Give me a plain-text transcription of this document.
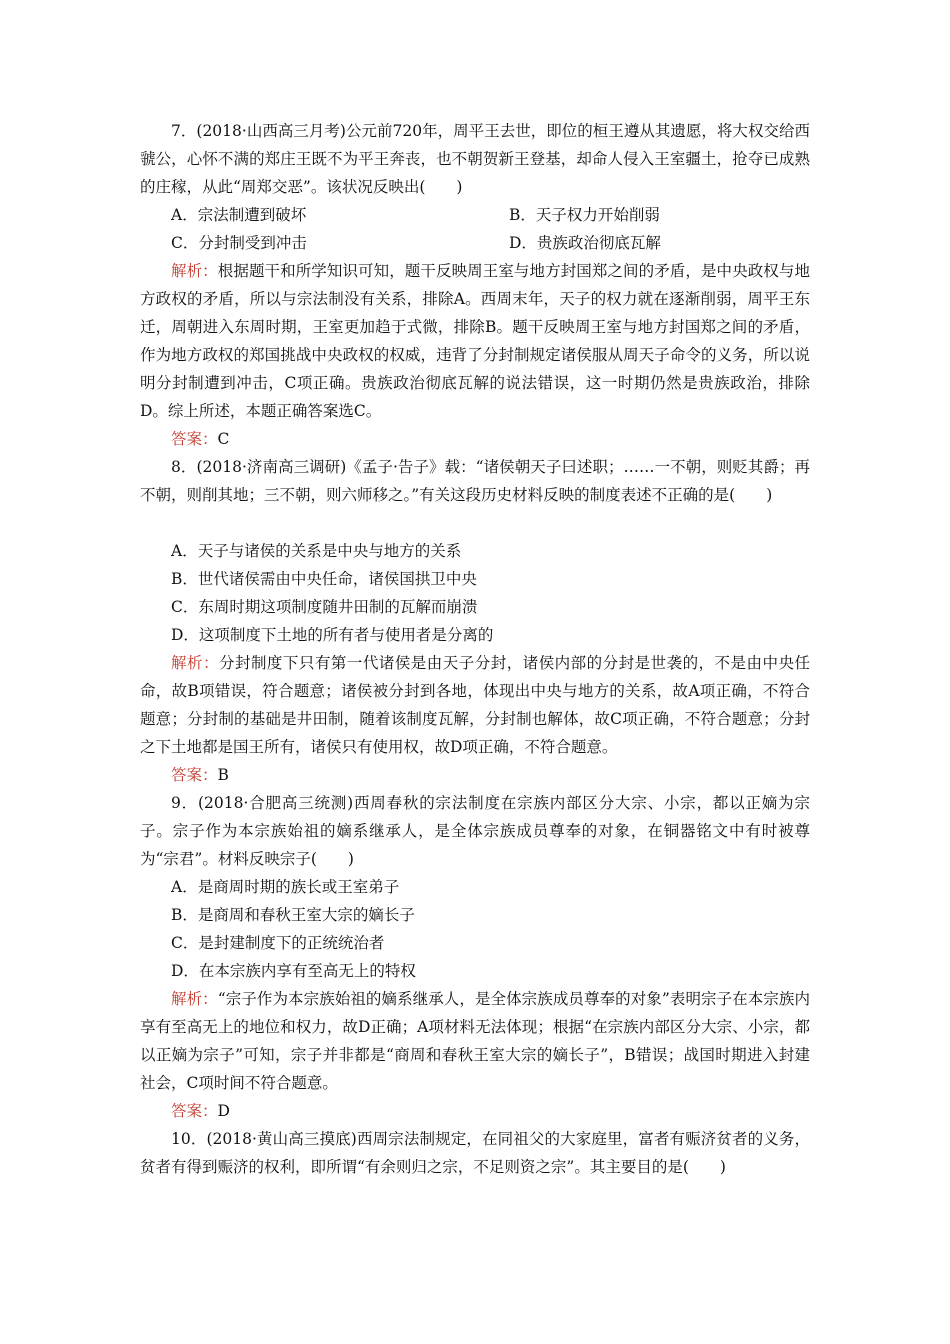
7．(2018·山西高三月考)公元前720年，周平王去世，即位的桓王遵从其遗愿，将大权交给西虢公，心怀不满的郑庄王既不为平王奔丧，也不朝贺新王登基，却命人侵入王室疆土，抢夺已成熟的庄稼，从此“周郑交恶”。该状况反映出(　　)

A．宗法制遭到破坏	B．天子权力开始削弱

C．分封制受到冲击	D．贵族政治彻底瓦解

解析：根据题干和所学知识可知，题干反映周王室与地方封国郑之间的矛盾，是中央政权与地方政权的矛盾，所以与宗法制没有关系，排除A。西周末年，天子的权力就在逐渐削弱，周平王东迁，周朝进入东周时期，王室更加趋于式微，排除B。题干反映周王室与地方封国郑之间的矛盾，作为地方政权的郑国挑战中央政权的权威，违背了分封制规定诸侯服从周天子命令的义务，所以说明分封制遭到冲击，C项正确。贵族政治彻底瓦解的说法错误，这一时期仍然是贵族政治，排除D。综上所述，本题正确答案选C。

答案：C

8．(2018·济南高三调研)《孟子·告子》载：“诸侯朝天子曰述职；……一不朝，则贬其爵；再不朝，则削其地；三不朝，则六师移之。”有关这段历史材料反映的制度表述不正确的是(　　)

A．天子与诸侯的关系是中央与地方的关系

B．世代诸侯需由中央任命，诸侯国拱卫中央

C．东周时期这项制度随井田制的瓦解而崩溃

D．这项制度下土地的所有者与使用者是分离的

解析：分封制度下只有第一代诸侯是由天子分封，诸侯内部的分封是世袭的，不是由中央任命，故B项错误，符合题意；诸侯被分封到各地，体现出中央与地方的关系，故A项正确，不符合题意；分封制的基础是井田制，随着该制度瓦解，分封制也解体，故C项正确，不符合题意；分封之下土地都是国王所有，诸侯只有使用权，故D项正确，不符合题意。

答案：B

9．(2018·合肥高三统测)西周春秋的宗法制度在宗族内部区分大宗、小宗，都以正嫡为宗子。宗子作为本宗族始祖的嫡系继承人，是全体宗族成员尊奉的对象，在铜器铭文中有时被尊为“宗君”。材料反映宗子(　　)

A．是商周时期的族长或王室弟子

B．是商周和春秋王室大宗的嫡长子

C．是封建制度下的正统统治者

D．在本宗族内享有至高无上的特权

解析：“宗子作为本宗族始祖的嫡系继承人，是全体宗族成员尊奉的对象”表明宗子在本宗族内享有至高无上的地位和权力，故D正确；A项材料无法体现；根据“在宗族内部区分大宗、小宗，都以正嫡为宗子”可知，宗子并非都是“商周和春秋王室大宗的嫡长子”，B错误；战国时期进入封建社会，C项时间不符合题意。

答案：D

10．(2018·黄山高三摸底)西周宗法制规定，在同祖父的大家庭里，富者有赈济贫者的义务，贫者有得到赈济的权利，即所谓“有余则归之宗，不足则资之宗”。其主要目的是(　　)
